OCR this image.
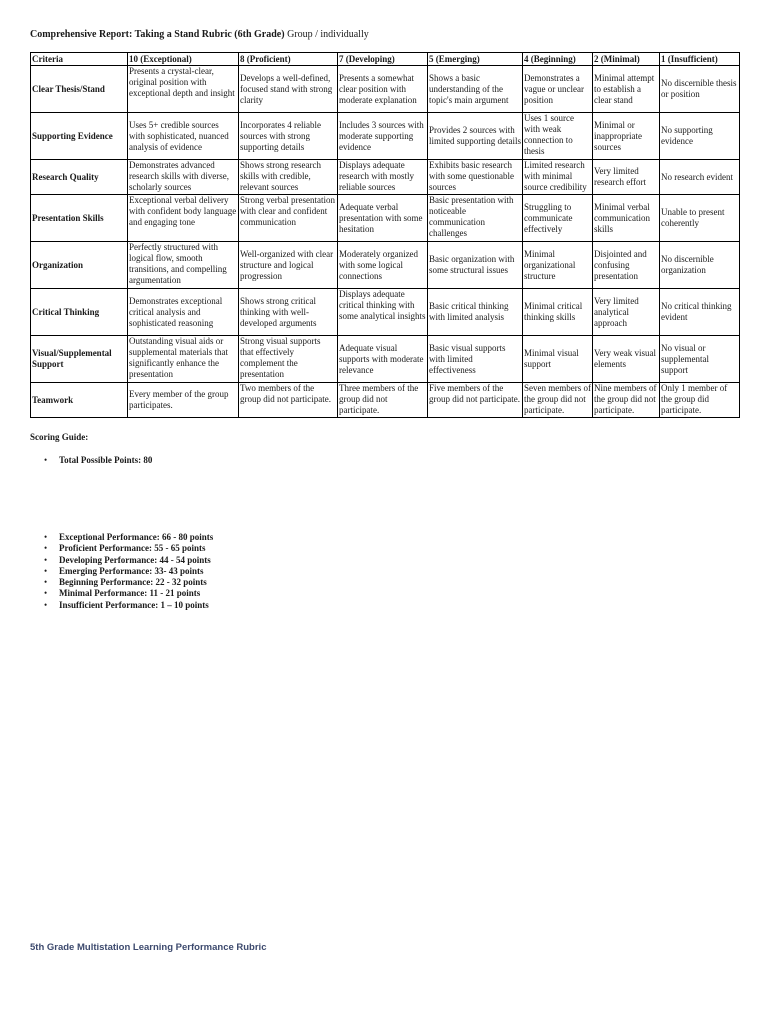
Comprehensive Report: Taking a Stand Rubric (6th Grade) Group / individually
Criteria	10 (Exceptional)	8 (Proficient)	7 (Developing)	5 (Emerging)	4 (Beginning)	2 (Minimal)	1 (Insufficient)
Clear Thesis/Stand	Presents a crystal-clear, original position with exceptional depth and insight	Develops a well-defined, focused stand with strong clarity	Presents a somewhat clear position with moderate explanation	Shows a basic understanding of the topic's main argument	Demonstrates a vague or unclear position	Minimal attempt to establish a clear stand	No discernible thesis or position
Supporting Evidence	Uses 5+ credible sources with sophisticated, nuanced analysis of evidence	Incorporates 4 reliable sources with strong supporting details	Includes 3 sources with moderate supporting evidence	Provides 2 sources with limited supporting details	Uses 1 source with weak connection to thesis	Minimal or inappropriate sources	No supporting evidence
Research Quality	Demonstrates advanced research skills with diverse, scholarly sources	Shows strong research skills with credible, relevant sources	Displays adequate research with mostly reliable sources	Exhibits basic research with some questionable sources	Limited research with minimal source credibility	Very limited research effort	No research evident
Presentation Skills	Exceptional verbal delivery with confident body language and engaging tone	Strong verbal presentation with clear and confident communication	Adequate verbal presentation with some hesitation	Basic presentation with noticeable communication challenges	Struggling to communicate effectively	Minimal verbal communication skills	Unable to present coherently
Organization	Perfectly structured with logical flow, smooth transitions, and compelling argumentation	Well-organized with clear structure and logical progression	Moderately organized with some logical connections	Basic organization with some structural issues	Minimal organizational structure	Disjointed and confusing presentation	No discernible organization
Critical Thinking	Demonstrates exceptional critical analysis and sophisticated reasoning	Shows strong critical thinking with well-developed arguments	Displays adequate critical thinking with some analytical insights	Basic critical thinking with limited analysis	Minimal critical thinking skills	Very limited analytical approach	No critical thinking evident
Visual/Supplemental Support	Outstanding visual aids or supplemental materials that significantly enhance the presentation	Strong visual supports that effectively complement the presentation	Adequate visual supports with moderate relevance	Basic visual supports with limited effectiveness	Minimal visual support	Very weak visual elements	No visual or supplemental support
Teamwork	Every member of the group participates.	Two members of the group did not participate.	Three members of the group did not participate.	Five members of the group did not participate.	Seven members of the group did not participate.	Nine members of the group did not participate.	Only 1 member of the group did participate.
Scoring Guide:
• Total Possible Points: 80
• Exceptional Performance: 66 - 80 points
• Proficient Performance: 55 - 65 points
• Developing Performance: 44 - 54 points
• Emerging Performance: 33- 43 points
• Beginning Performance: 22 - 32 points
• Minimal Performance: 11 - 21 points
• Insufficient Performance: 1 – 10 points
5th Grade Multistation Learning Performance Rubric
